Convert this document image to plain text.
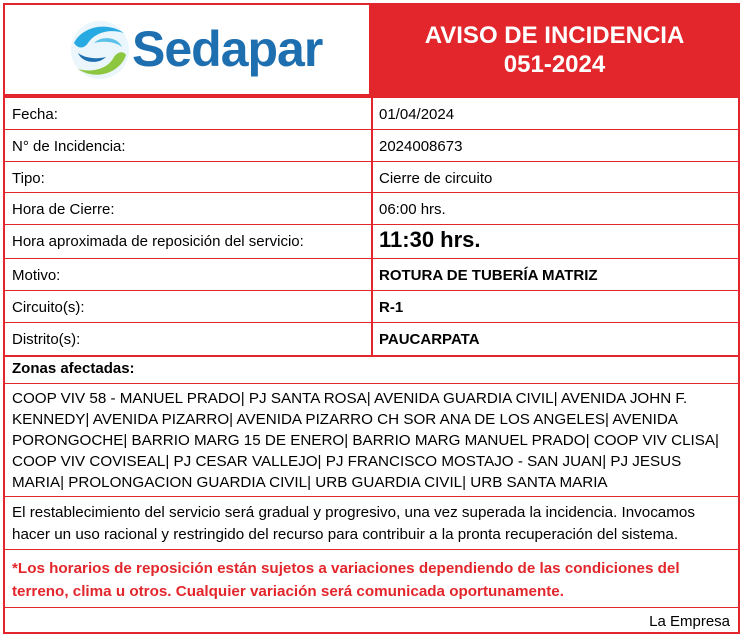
Sedapar	AVISO DE INCIDENCIA
051-2024
Fecha:	01/04/2024
N° de Incidencia:	2024008673
Tipo:	Cierre de circuito
Hora de Cierre:	06:00 hrs.
Hora aproximada de reposición del servicio:	11:30 hrs.
Motivo:	ROTURA DE TUBERÍA MATRIZ
Circuito(s):	R-1
Distrito(s):	PAUCARPATA
Zonas afectadas:
COOP VIV 58 - MANUEL PRADO| PJ SANTA ROSA| AVENIDA GUARDIA CIVIL| AVENIDA JOHN F. KENNEDY| AVENIDA PIZARRO| AVENIDA PIZARRO CH SOR ANA DE LOS ANGELES| AVENIDA PORONGOCHE| BARRIO MARG 15 DE ENERO| BARRIO MARG MANUEL PRADO| COOP VIV CLISA| COOP VIV COVISEAL| PJ CESAR VALLEJO| PJ FRANCISCO MOSTAJO - SAN JUAN| PJ JESUS MARIA| PROLONGACION GUARDIA CIVIL| URB GUARDIA CIVIL| URB SANTA MARIA
El restablecimiento del servicio será gradual y progresivo, una vez superada la incidencia. Invocamos hacer un uso racional y restringido del recurso para contribuir a la pronta recuperación del sistema.
*Los horarios de reposición están sujetos a variaciones dependiendo de las condiciones del terreno, clima u otros. Cualquier variación será comunicada oportunamente.
La Empresa
